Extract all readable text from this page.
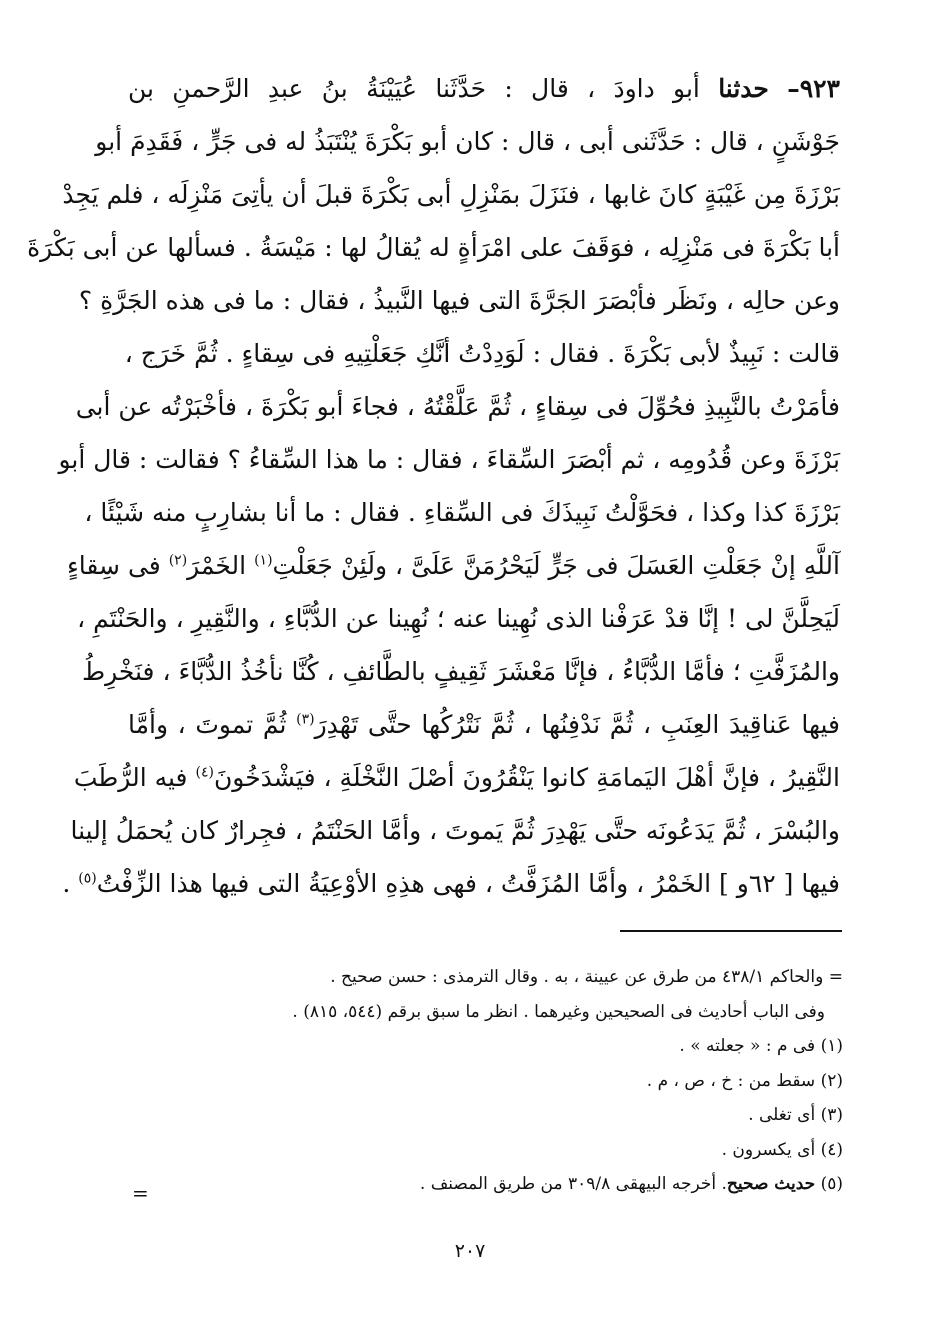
٩٢٣– حدثنا أبو داودَ ، قال : حَدَّثَنا عُيَيْنَةُ بنُ عبدِ الرَّحمنِ بن
جَوْشَنٍ ، قال : حَدَّثَنى أبى ، قال : كان أبو بَكْرَةَ يُنْتَبَذُ له فى جَرٍّ ، فَقَدِمَ أبو
بَرْزَةَ مِن غَيْبَةٍ كانَ غابها ، فنَزَلَ بمَنْزِلِ أبى بَكْرَةَ قبلَ أن يأتِىَ مَنْزِلَه ، فلم يَجِدْ
أبا بَكْرَةَ فى مَنْزِلِه ، فوَقَفَ على امْرَأةٍ له يُقالُ لها : مَيْسَةُ . فسألها عن أبى بَكْرَةَ
وعن حالِه ، ونَظَر فأبْصَرَ الجَرَّةَ التى فيها النَّبيذُ ، فقال : ما فى هذه الجَرَّةِ ؟
قالت : نَبِيذٌ لأبى بَكْرَةَ . فقال : لَوَدِدْتُ أنَّكِ جَعَلْتِيهِ فى سِقاءٍ . ثُمَّ خَرَج ،
فأمَرْتُ بالنَّبِيذِ فحُوِّلَ فى سِقاءٍ ، ثُمَّ عَلَّقْتُهُ ، فجاءَ أبو بَكْرَةَ ، فأخْبَرْتُه عن أبى
بَرْزَةَ وعن قُدُومِه ، ثم أبْصَرَ السِّقاءَ ، فقال : ما هذا السِّقاءُ ؟ فقالت : قال أبو
بَرْزَةَ كذا وكذا ، فحَوَّلْتُ نَبِيذَكَ فى السِّقاءِ . فقال : ما أنا بشارِبٍ منه شَيْئًا ،
آللَّهِ إنْ جَعَلْتِ العَسَلَ فى جَرٍّ لَيَحْرُمَنَّ عَلَىَّ ، ولَئِنْ جَعَلْتِ$^{(١)}$ الخَمْرَ$^{(٢)}$ فى سِقاءٍ
لَيَحِلَّنَّ لى ! إنَّا قدْ عَرَفْنا الذى نُهِينا عنه ؛ نُهِينا عن الدُّبَّاءِ ، والنَّقِيرِ ، والحَنْتَمِ ،
والمُزَفَّتِ ؛ فأمَّا الدُّبَّاءُ ، فإنَّا مَعْشَرَ ثَقِيفٍ بالطَّائفِ ، كُنَّا نأخُذُ الدُّبَّاءَ ، فنَخْرِطُ
فيها عَناقِيدَ العِنَبِ ، ثُمَّ نَدْفِنُها ، ثُمَّ نَتْرُكُها حتَّى تَهْدِرَ$^{(٣)}$ ثُمَّ تموتَ ، وأمَّا
النَّقِيرُ ، فإنَّ أهْلَ اليَمامَةِ كانوا يَنْقُرُونَ أصْلَ النَّخْلَةِ ، فيَشْدَخُونَ$^{(٤)}$ فيه الرُّطَبَ
والبُسْرَ ، ثُمَّ يَدَعُونَه حتَّى يَهْدِرَ ثُمَّ يَموتَ ، وأمَّا الحَنْتَمُ ، فجِرارٌ كان يُحمَلُ إلينا
فيها [ ٦٢و ] الخَمْرُ ، وأمَّا المُزَفَّتُ ، فهى هذِهِ الأوْعِيَةُ التى فيها هذا الزِّفْتُ$^{(٥)}$ .
= والحاكم ٤٣٨/١ من طرق عن عيينة ، به . وقال الترمذى : حسن صحيح .
وفى الباب أحاديث فى الصحيحين وغيرهما . انظر ما سبق برقم (٥٤٤، ٨١٥) .
(١) فى م : « جعلته » .
(٢) سقط من : خ ، ص ، م .
(٣) أى تغلى .
(٤) أى يكسرون .
(٥) حديث صحيح. أخرجه البيهقى ٣٠٩/٨ من طريق المصنف .
=
٢٠٧
